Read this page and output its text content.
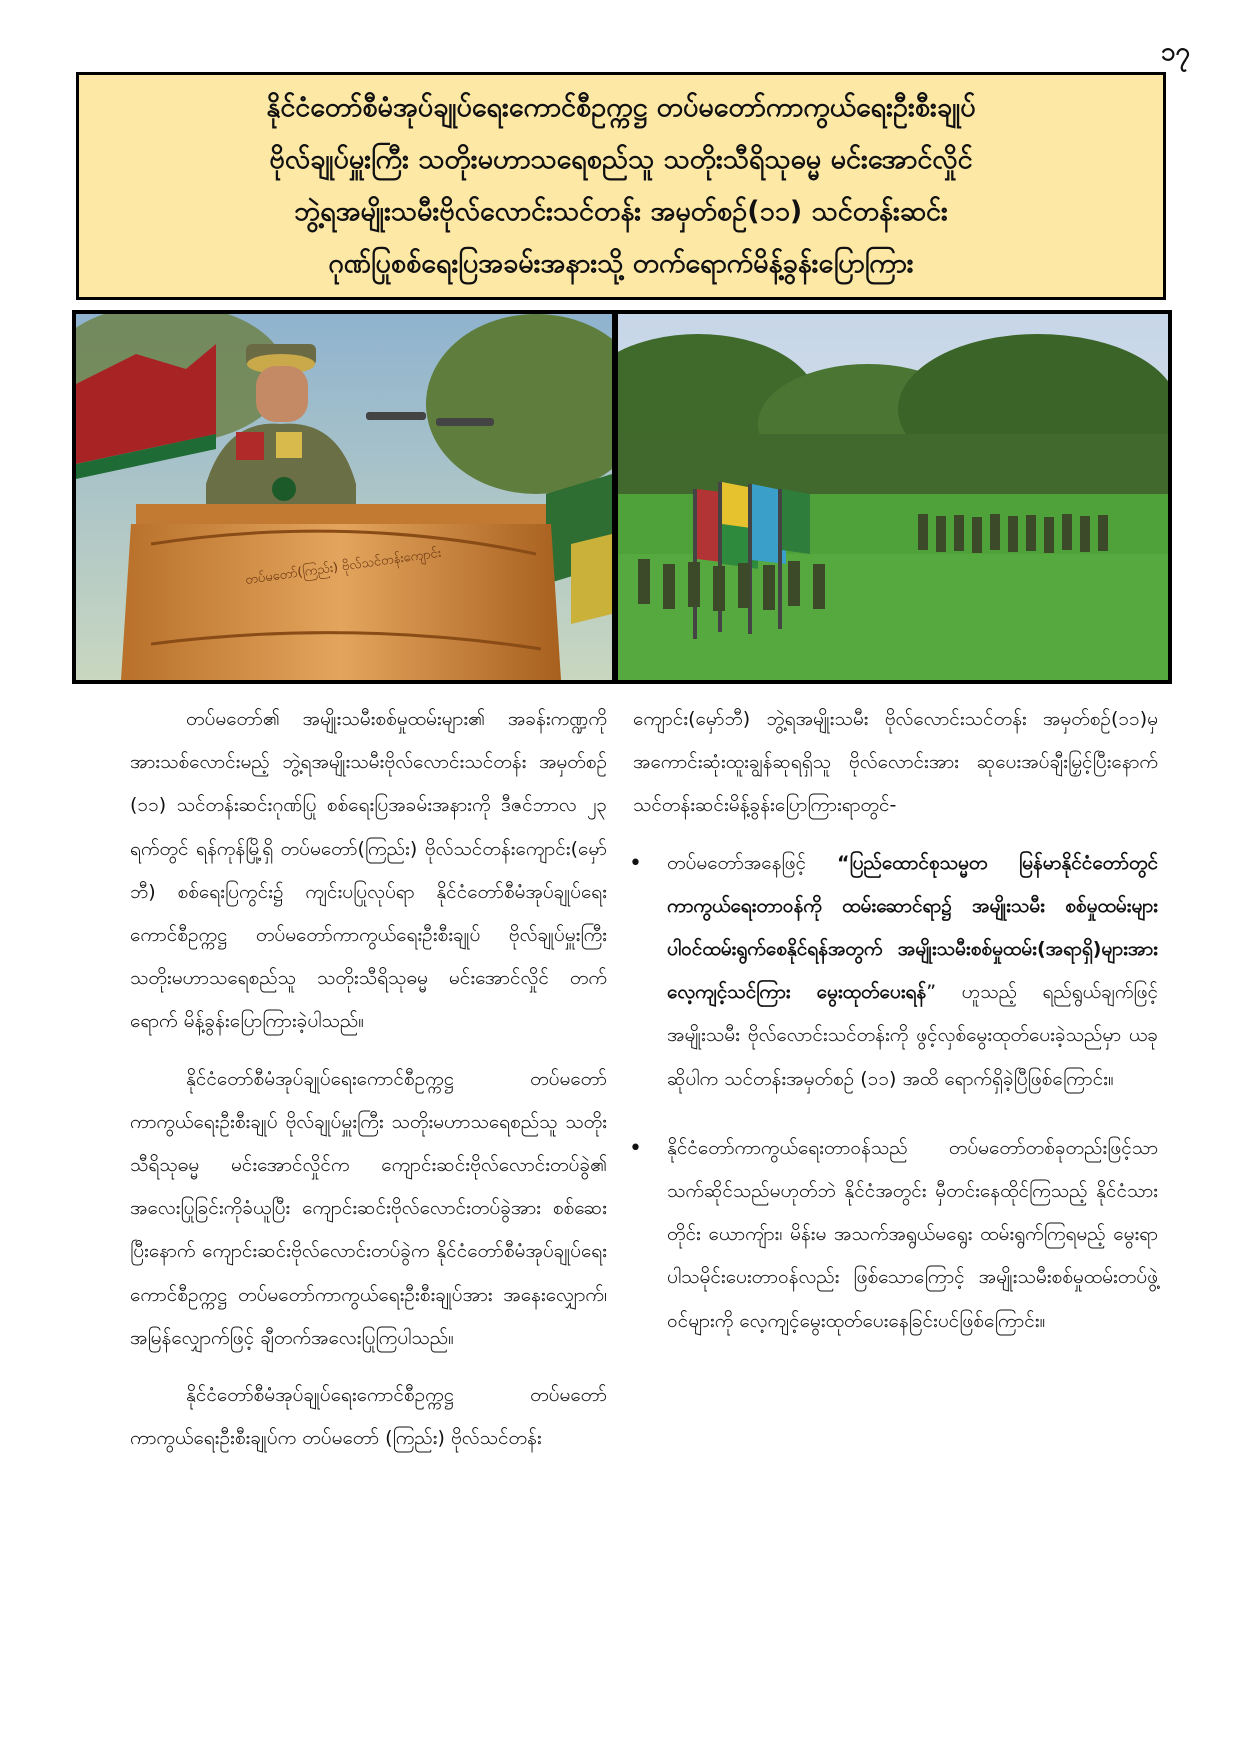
၁၇
နိုင်ငံတော်စီမံအုပ်ချုပ်ရေးကောင်စီဥက္ကဋ္ဌ တပ်မတော်ကာကွယ်ရေးဦးစီးချုပ်
ဗိုလ်ချုပ်မှူးကြီး သတိုးမဟာသရေစည်သူ သတိုးသီရိသုဓမ္မ မင်းအောင်လှိုင်
ဘွဲ့ရအမျိုးသမီးဗိုလ်လောင်းသင်တန်း အမှတ်စဉ်(၁၁) သင်တန်းဆင်း
ဂုဏ်ပြုစစ်ရေးပြအခမ်းအနားသို့ တက်ရောက်မိန့်ခွန်းပြောကြား
တပ်မတော်(ကြည်း) ဗိုလ်သင်တန်းကျောင်း

တပ်မတော်၏ အမျိုးသမီးစစ်မှုထမ်းများ၏ အခန်းကဏ္ဍကို အားသစ်လောင်းမည့် ဘွဲ့ရအမျိုးသမီးဗိုလ်လောင်းသင်တန်း အမှတ်စဉ် (၁၁) သင်တန်းဆင်းဂုဏ်ပြု စစ်ရေးပြအခမ်းအနားကို ဒီဇင်ဘာလ ၂၃ ရက်တွင် ရန်ကုန်မြို့ရှိ တပ်မတော်(ကြည်း) ဗိုလ်သင်တန်းကျောင်း(မှော်ဘီ) စစ်ရေးပြကွင်း၌ ကျင်းပပြုလုပ်ရာ နိုင်ငံတော်စီမံအုပ်ချုပ်ရေးကောင်စီဥက္ကဋ္ဌ တပ်မတော်ကာကွယ်ရေးဦးစီးချုပ် ဗိုလ်ချုပ်မှူးကြီး သတိုးမဟာသရေစည်သူ သတိုးသီရိသုဓမ္မ မင်းအောင်လှိုင် တက်ရောက် မိန့်ခွန်းပြောကြားခဲ့ပါသည်။

နိုင်ငံတော်စီမံအုပ်ချုပ်ရေးကောင်စီဥက္ကဋ္ဌ တပ်မတော်ကာကွယ်ရေးဦးစီးချုပ် ဗိုလ်ချုပ်မှူးကြီး သတိုးမဟာသရေစည်သူ သတိုးသီရိသုဓမ္မ မင်းအောင်လှိုင်က ကျောင်းဆင်းဗိုလ်လောင်းတပ်ခွဲ၏ အလေးပြုခြင်းကိုခံယူပြီး ကျောင်းဆင်းဗိုလ်လောင်းတပ်ခွဲအား စစ်ဆေးပြီးနောက် ကျောင်းဆင်းဗိုလ်လောင်းတပ်ခွဲက နိုင်ငံတော်စီမံအုပ်ချုပ်ရေးကောင်စီဥက္ကဋ္ဌ တပ်မတော်ကာကွယ်ရေးဦးစီးချုပ်အား အနေးလျှောက်၊ အမြန်လျှောက်ဖြင့် ချီတက်အလေးပြုကြပါသည်။

နိုင်ငံတော်စီမံအုပ်ချုပ်ရေးကောင်စီဥက္ကဋ္ဌ တပ်မတော်ကာကွယ်ရေးဦးစီးချုပ်က တပ်မတော် (ကြည်း) ဗိုလ်သင်တန်း

ကျောင်း(မှော်ဘီ) ဘွဲ့ရအမျိုးသမီး ဗိုလ်လောင်းသင်တန်း အမှတ်စဉ်(၁၁)မှ အကောင်းဆုံးထူးချွန်ဆုရရှိသူ ဗိုလ်လောင်းအား ဆုပေးအပ်ချီးမြှင့်ပြီးနောက် သင်တန်းဆင်းမိန့်ခွန်းပြောကြားရာတွင်-

• တပ်မတော်အနေဖြင့် “ပြည်ထောင်စုသမ္မတ မြန်မာနိုင်ငံတော်တွင် ကာကွယ်ရေးတာဝန်ကို ထမ်းဆောင်ရာ၌ အမျိုးသမီး စစ်မှုထမ်းများ ပါဝင်ထမ်းရွက်စေနိုင်ရန်အတွက် အမျိုးသမီးစစ်မှုထမ်း(အရာရှိ)များအား လေ့ကျင့်သင်ကြား မွေးထုတ်ပေးရန်” ဟူသည့် ရည်ရွယ်ချက်ဖြင့် အမျိုးသမီး ဗိုလ်လောင်းသင်တန်းကို ဖွင့်လှစ်မွေးထုတ်ပေးခဲ့သည်မှာ ယခုဆိုပါက သင်တန်းအမှတ်စဉ် (၁၁) အထိ ရောက်ရှိခဲ့ပြီဖြစ်ကြောင်း။
• နိုင်ငံတော်ကာကွယ်ရေးတာဝန်သည် တပ်မတော်တစ်ခုတည်းဖြင့်သာ သက်ဆိုင်သည်မဟုတ်ဘဲ နိုင်ငံအတွင်း မှီတင်းနေထိုင်ကြသည့် နိုင်ငံသားတိုင်း ယောကျ်ား၊ မိန်းမ အသက်အရွယ်မရွေး ထမ်းရွက်ကြရမည့် မွေးရာပါသမိုင်းပေးတာဝန်လည်း ဖြစ်သောကြောင့် အမျိုးသမီးစစ်မှုထမ်းတပ်ဖွဲ့ဝင်များကို လေ့ကျင့်မွေးထုတ်ပေးနေခြင်းပင်ဖြစ်ကြောင်း။
